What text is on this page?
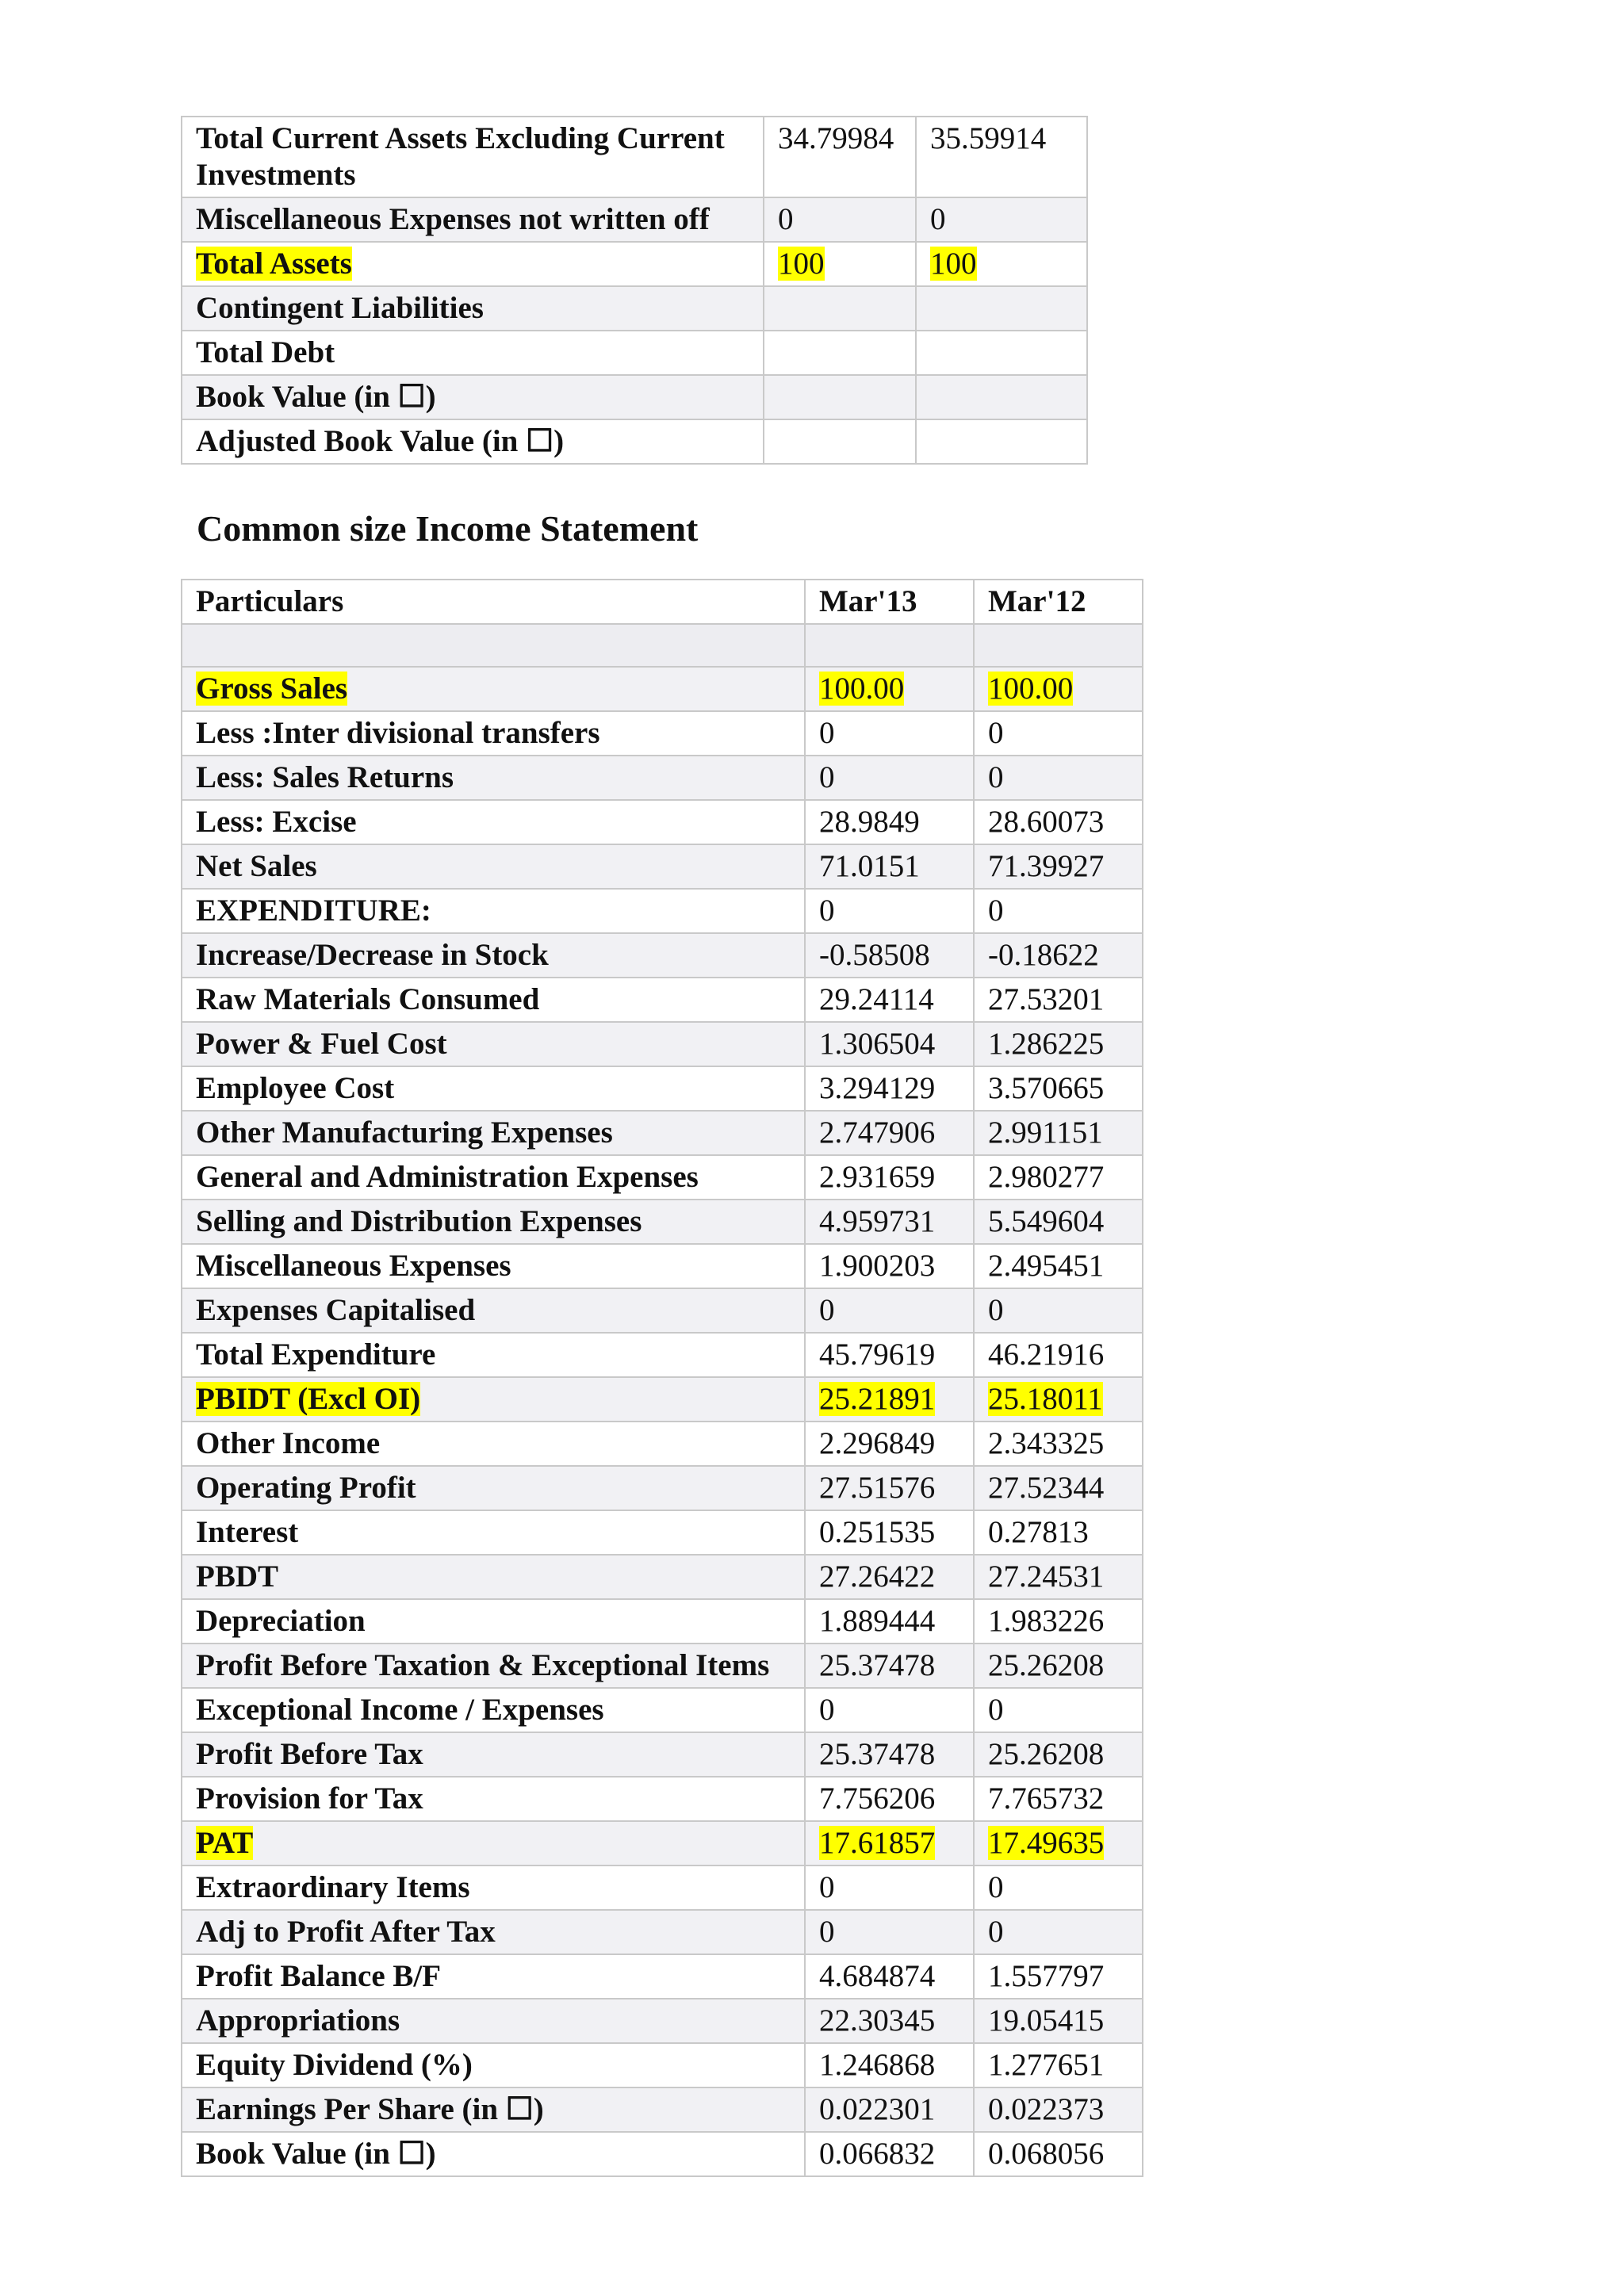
Total Current Assets Excluding Current Investments	34.79984	35.59914
Miscellaneous Expenses not written off	0	0
Total Assets	100	100
Contingent Liabilities		
Total Debt		
Book Value (in ☐)		
Adjusted Book Value (in ☐)		
Common size Income Statement
Particulars	Mar'13	Mar'12

Gross Sales	100.00	100.00
Less :Inter divisional transfers	0	0
Less: Sales Returns	0	0
Less: Excise	28.9849	28.60073
Net Sales	71.0151	71.39927
EXPENDITURE:	0	0
Increase/Decrease in Stock	-0.58508	-0.18622
Raw Materials Consumed	29.24114	27.53201
Power & Fuel Cost	1.306504	1.286225
Employee Cost	3.294129	3.570665
Other Manufacturing Expenses	2.747906	2.991151
General and Administration Expenses	2.931659	2.980277
Selling and Distribution Expenses	4.959731	5.549604
Miscellaneous Expenses	1.900203	2.495451
Expenses Capitalised	0	0
Total Expenditure	45.79619	46.21916
PBIDT (Excl OI)	25.21891	25.18011
Other Income	2.296849	2.343325
Operating Profit	27.51576	27.52344
Interest	0.251535	0.27813
PBDT	27.26422	27.24531
Depreciation	1.889444	1.983226
Profit Before Taxation & Exceptional Items	25.37478	25.26208
Exceptional Income / Expenses	0	0
Profit Before Tax	25.37478	25.26208
Provision for Tax	7.756206	7.765732
PAT	17.61857	17.49635
Extraordinary Items	0	0
Adj to Profit After Tax	0	0
Profit Balance B/F	4.684874	1.557797
Appropriations	22.30345	19.05415
Equity Dividend (%)	1.246868	1.277651
Earnings Per Share (in ☐)	0.022301	0.022373
Book Value (in ☐)	0.066832	0.068056
